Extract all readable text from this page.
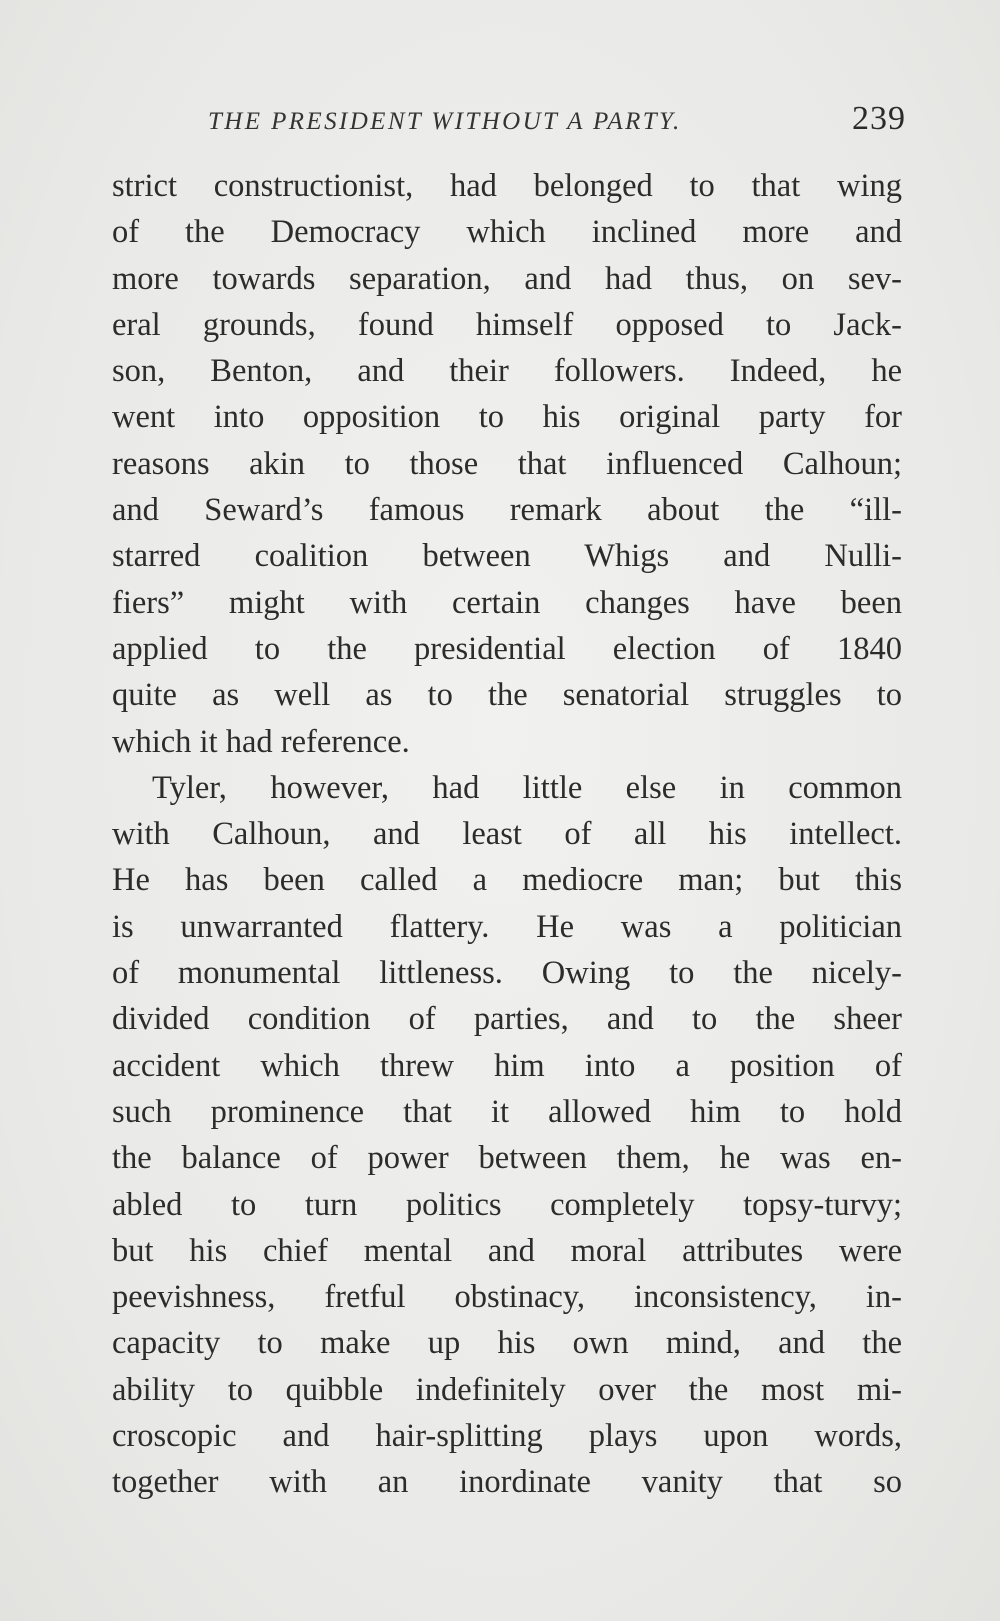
THE PRESIDENT WITHOUT A PARTY.	239
strict constructionist, had belonged to that wing
of the Democracy which inclined more and
more towards separation, and had thus, on sev-
eral grounds, found himself opposed to Jack-
son, Benton, and their followers. Indeed, he
went into opposition to his original party for
reasons akin to those that influenced Calhoun;
and Seward’s famous remark about the “ill-
starred coalition between Whigs and Nulli-
fiers” might with certain changes have been
applied to the presidential election of 1840
quite as well as to the senatorial struggles to
which it had reference.
Tyler, however, had little else in common
with Calhoun, and least of all his intellect.
He has been called a mediocre man; but this
is unwarranted flattery. He was a politician
of monumental littleness. Owing to the nicely-
divided condition of parties, and to the sheer
accident which threw him into a position of
such prominence that it allowed him to hold
the balance of power between them, he was en-
abled to turn politics completely topsy-turvy;
but his chief mental and moral attributes were
peevishness, fretful obstinacy, inconsistency, in-
capacity to make up his own mind, and the
ability to quibble indefinitely over the most mi-
croscopic and hair-splitting plays upon words,
together with an inordinate vanity that so
